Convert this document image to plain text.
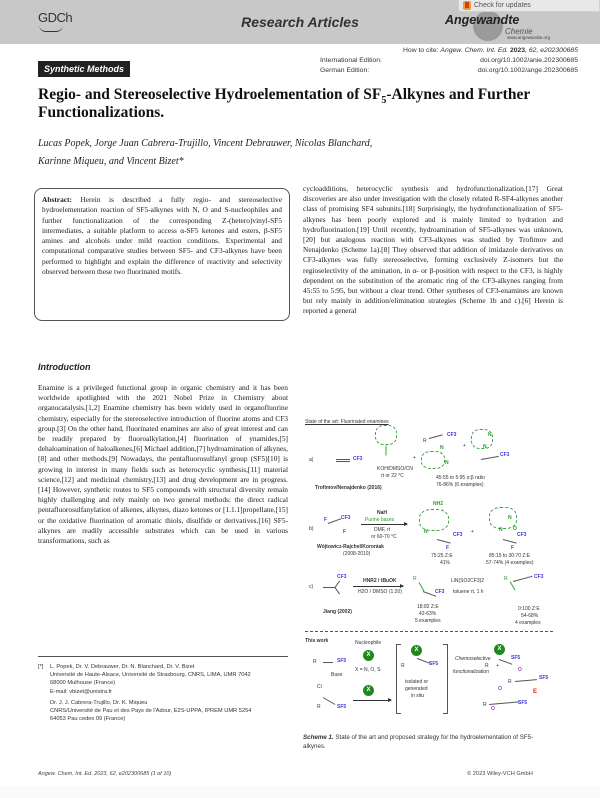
GDCh	Research Articles	Angewandte
Chemie
www.angewandte.org
Check for updates
How to cite: Angew. Chem. Int. Ed. 2023, 62, e202300685
International Edition:	doi.org/10.1002/anie.202300685
German Edition:	doi.org/10.1002/ange.202300685
Synthetic Methods
Regio- and Stereoselective Hydroelementation of $SF_5$-Alkynes and Further Functionalizations.
Lucas Popek, Jorge Juan Cabrera-Trujillo, Vincent Debrauwer, Nicolas Blanchard,
Karinne Miqueu, and Vincent Bizet*
Abstract: Herein is described a fully regio- and stereoselective hydroelementation reaction of SF5-alkynes with N, O and S-nucleophiles and further functionalization of the corresponding Z-(hetero)vinyl-SF5 intermediates, a suitable platform to access α-SF5 ketones and esters, β-SF5 amines and alcohols under mild reaction conditions. Experimental and computational comparative studies between SF5- and CF3-alkynes have been performed to highlight and explain the difference of reactivity and selectivity observed between these two fluorinated motifs.
Introduction
Enamine is a privileged functional group in organic chemistry and it has been worldwide spotlighted with the 2021 Nobel Prize in Chemistry about organocatalysis.[1,2] Enamine chemistry has been widely used in organofluorine chemistry, especially for the stereoselective introduction of fluorine atoms and CF3 group.[3] On the other hand, fluorinated enamines are also of great interest and can be readily prepared by fluoroalkylation,[4] fluorination of ynamides,[5] dehaloamination of haloalkenes,[6] Michael addition,[7] hydroamination of alkynes,[8] and other methods.[9] Nowadays, the pentafluorosulfanyl group (SF5)[10] is growing in interest in many fields such as heterocyclic synthesis,[11] material science,[12] and medicinal chemistry,[13] and drug development are in progress.[14] However, synthetic routes to SF5 compounds with structural diversity remain highly challenging and rely mainly on two general methods: the direct radical pentafluorosulfanylation of alkenes, alkynes, diazo ketones or [1.1.1]propellane,[15] or the oxidative fluorination of aromatic thiols, disulfide or derivatives.[16] SF5-alkynes are readily accessible substrates which can be used in various transformations, such as
cycloadditions, heterocyclic synthesis and hydrofunctionalization.[17] Great discoveries are also under investigation with the closely related R-SF4-alkynes another class of promising SF4 subunits.[18] Surprisingly, the hydrofunctionalization of SF5-alkynes has been poorly explored and is mainly limited to hydration and hydrofluorination.[19] Until recently, hydroamination of SF5-alkynes was unknown,[20] but analogous reaction with CF3-alkynes was studied by Trofimov and Nenajdenko (Scheme 1a).[8] They observed that addition of imidazole derivatives on CF3-alkynes was fully stereoselective, forming exclusively Z-isomers but the regioselectivity of the amination, in α- or β-position with respect to the CF3, is highly dependent on the substitution of the aromatic ring of the CF3-alkynes ranging from 45:55 to 5:95, but without a clear trend. Other syntheses of CF3-enamines are known but rely mainly in addition/elimination strategies (Scheme 1b and c).[6] Herein is reported a general
State of the art: Fluorinated enamines
a)	CF3
KOH/DMSO/CN
rt or 22 °C
Trofimov/Nenajdenko (2016)
R
CF3
N
N
+
+
N
N
CF3
45:55 to 5:95 α:β ratio
76-86% (6 examples)
b)
F	CF3
F
NaH
Purine bases
DMF, rt
or 60-70 °C
Wójtowicz-Rajchel/Koroniak
(2008-2010)
NH2
N	CF3
F
75:25 Z:E
41%
+
N
N O
CF3
F
85:15 to 30:70 Z:E
57-74% (4 examples)
c)
CF3
HNR2 / tBuOK
H2O / DMSO (1:20)
Jiang (2002)
R
CF3
LiN(SO2CF3)2
toluene rt, 1 h
18:82 Z:E
42-63%
5 examples
R	CF3
0:100 Z:E
54-68%
4 examples
This work
R	SF5
Base
Cl
R	SF5
Nucleophile
X
X = N, O, S
X
X
R	SF5
isolated or
generated
in situ
Chemoselective
functionalization
+
X
R
SF5
O
R
SF5
E
O
R
O
SF5
Scheme 1. State of the art and proposed strategy for the hydroelementation of SF5-alkynes.
[*] L. Popek, Dr. V. Debrauwer, Dr. N. Blanchard, Dr. V. Bizet
Université de Haute-Alsace, Université de Strasbourg, CNRS, LIMA, UMR 7042
68000 Mulhouse (France)
E-mail: vbizet@unistra.fr
Dr. J. J. Cabrera-Trujillo, Dr. K. Miqueu
CNRS/Université de Pau et des Pays de l'Adour, E2S-UPPA, IPREM UMR 5254
64053 Pau cedex 09 (France)
Angew. Chem. Int. Ed. 2023, 62, e202300685 (1 of 10)	© 2023 Wiley-VCH GmbH
